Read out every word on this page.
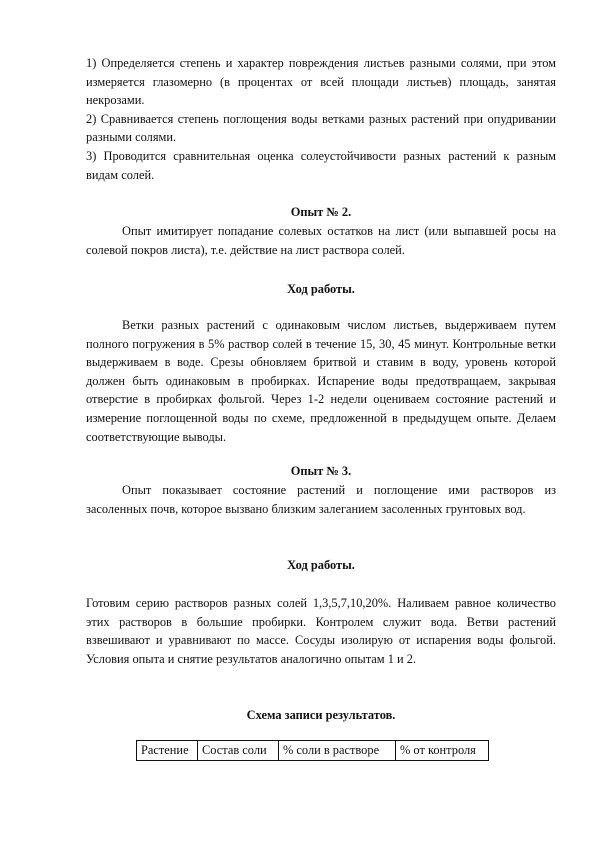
1) Определяется степень и характер повреждения листьев разными солями, при этом измеряется глазомерно (в процентах от всей площади листьев) площадь, занятая некрозами.

2) Сравнивается степень поглощения воды ветками разных растений при опудривании разными солями.

3) Проводится сравнительная оценка солеустойчивости разных растений к разным видам солей.

Опыт № 2.

Опыт имитирует попадание солевых остатков на лист (или выпавшей росы на солевой покров листа), т.е. действие на лист раствора солей.

Ход работы.

Ветки разных растений с одинаковым числом листьев, выдерживаем путем полного погружения в 5% раствор солей в течение 15, 30, 45 минут. Контрольные ветки выдерживаем в воде. Срезы обновляем бритвой и ставим в воду, уровень которой должен быть одинаковым в пробирках. Испарение воды предотвращаем, закрывая отверстие в пробирках фольгой. Через 1-2 недели оцениваем состояние растений и измерение поглощенной воды по схеме, предложенной в предыдущем опыте. Делаем соответствующие выводы.

Опыт № 3.

Опыт показывает состояние растений и поглощение ими растворов из засоленных почв, которое вызвано близким залеганием засоленных грунтовых вод.

Ход работы.

Готовим серию растворов разных солей 1,3,5,7,10,20%. Наливаем равное количество этих растворов в большие пробирки. Контролем служит вода. Ветви растений взвешивают и уравнивают по массе. Сосуды изолирую от испарения воды фольгой. Условия опыта и снятие результатов аналогично опытам 1 и 2.

Схема записи результатов.

Растение	Состав соли	% соли в растворе	% от контроля
